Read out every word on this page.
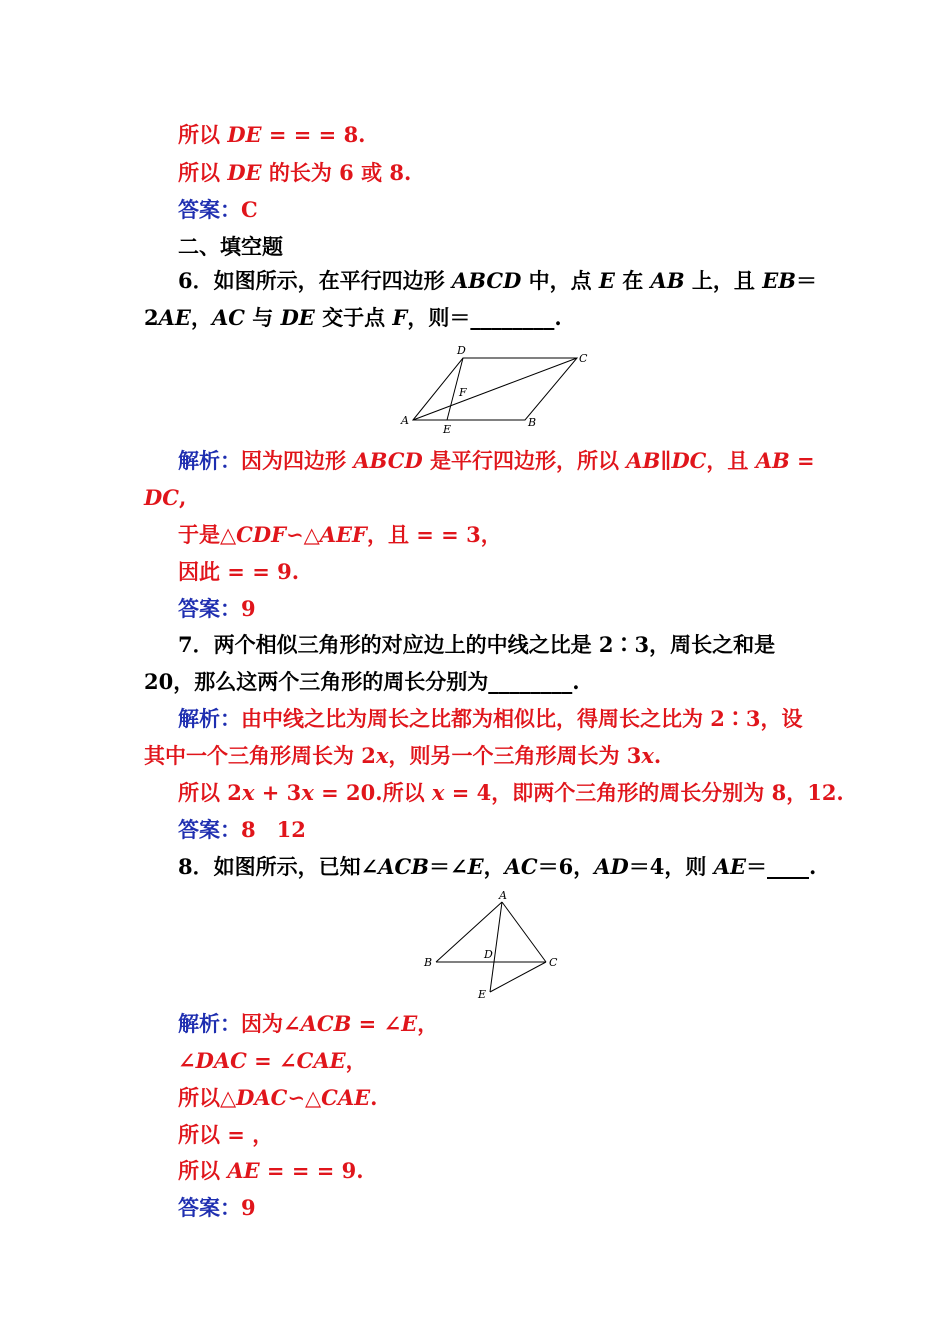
所以 DE = = = 8.
所以 DE 的长为 6 或 8.
答案：C
二、填空题
6．如图所示，在平行四边形 ABCD 中，点 E 在 AB 上，且 EB＝
2AE，AC 与 DE 交于点 F，则＝________.
D
C
F
A
E
B
解析：因为四边形 ABCD 是平行四边形，所以 AB∥DC，且 AB =
DC,
于是△CDF∽△AEF，且 = = 3，
因此 = = 9.
答案：9
7．两个相似三角形的对应边上的中线之比是 2∶3，周长之和是
20，那么这两个三角形的周长分别为________.
解析：由中线之比为周长之比都为相似比，得周长之比为 2∶3，设
其中一个三角形周长为 2x，则另一个三角形周长为 3x.
所以 2x + 3x = 20.所以 x = 4，即两个三角形的周长分别为 8，12.
答案：8　12
8．如图所示，已知∠ACB＝∠E，AC＝6，AD＝4，则 AE＝____.
A
B
D
C
E
解析：因为∠ACB = ∠E，
∠DAC = ∠CAE，
所以△DAC∽△CAE.
所以 = ，
所以 AE = = = 9.
答案：9
